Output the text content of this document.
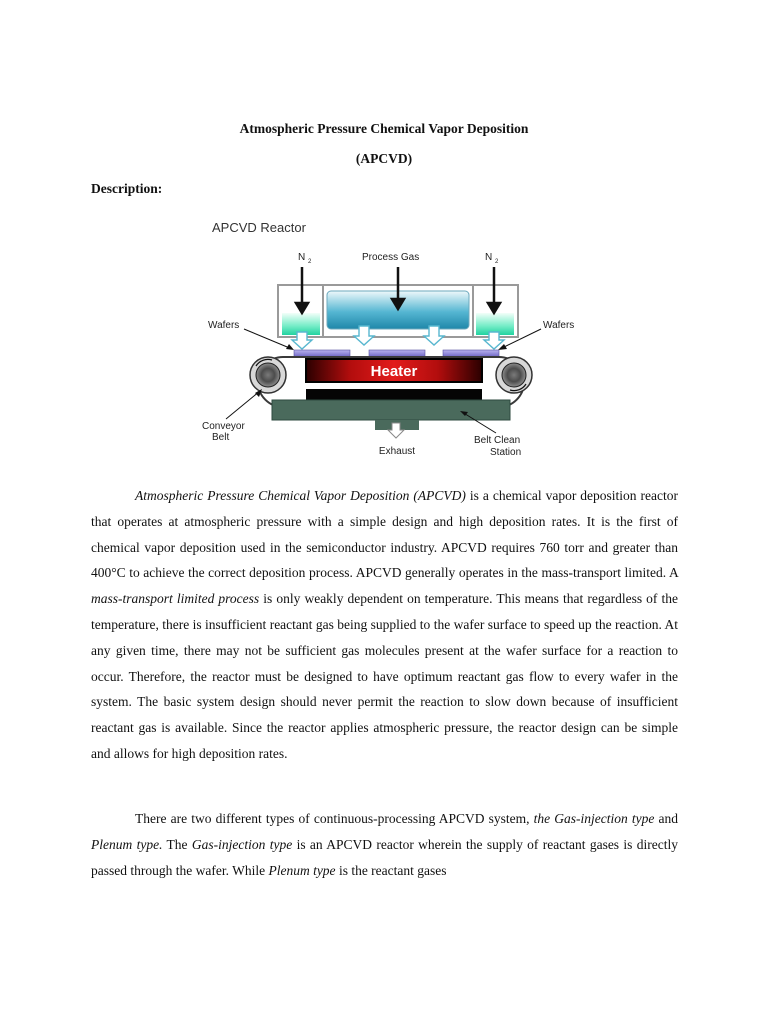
Atmospheric Pressure Chemical Vapor Deposition
(APCVD)
Description:
APCVD Reactor
N $_2$	Process Gas	N $_2$
Heater
Wafers	Wafers
Conveyor Belt
Exhaust
Belt Clean Station

Atmospheric Pressure Chemical Vapor Deposition (APCVD) is a chemical vapor deposition reactor that operates at atmospheric pressure with a simple design and high deposition rates. It is the first of chemical vapor deposition used in the semiconductor industry. APCVD requires 760 torr and greater than 400°C to achieve the correct deposition process. APCVD generally operates in the mass-transport limited. A mass-transport limited process is only weakly dependent on temperature. This means that regardless of the temperature, there is insufficient reactant gas being supplied to the wafer surface to speed up the reaction. At any given time, there may not be sufficient gas molecules present at the wafer surface for a reaction to occur. Therefore, the reactor must be designed to have optimum reactant gas flow to every wafer in the system. The basic system design should never permit the reaction to slow down because of insufficient reactant gas is available. Since the reactor applies atmospheric pressure, the reactor design can be simple and allows for high deposition rates.

There are two different types of continuous-processing APCVD system, the Gas-injection type and Plenum type. The Gas-injection type is an APCVD reactor wherein the supply of reactant gases is directly passed through the wafer. While Plenum type is the reactant gases
